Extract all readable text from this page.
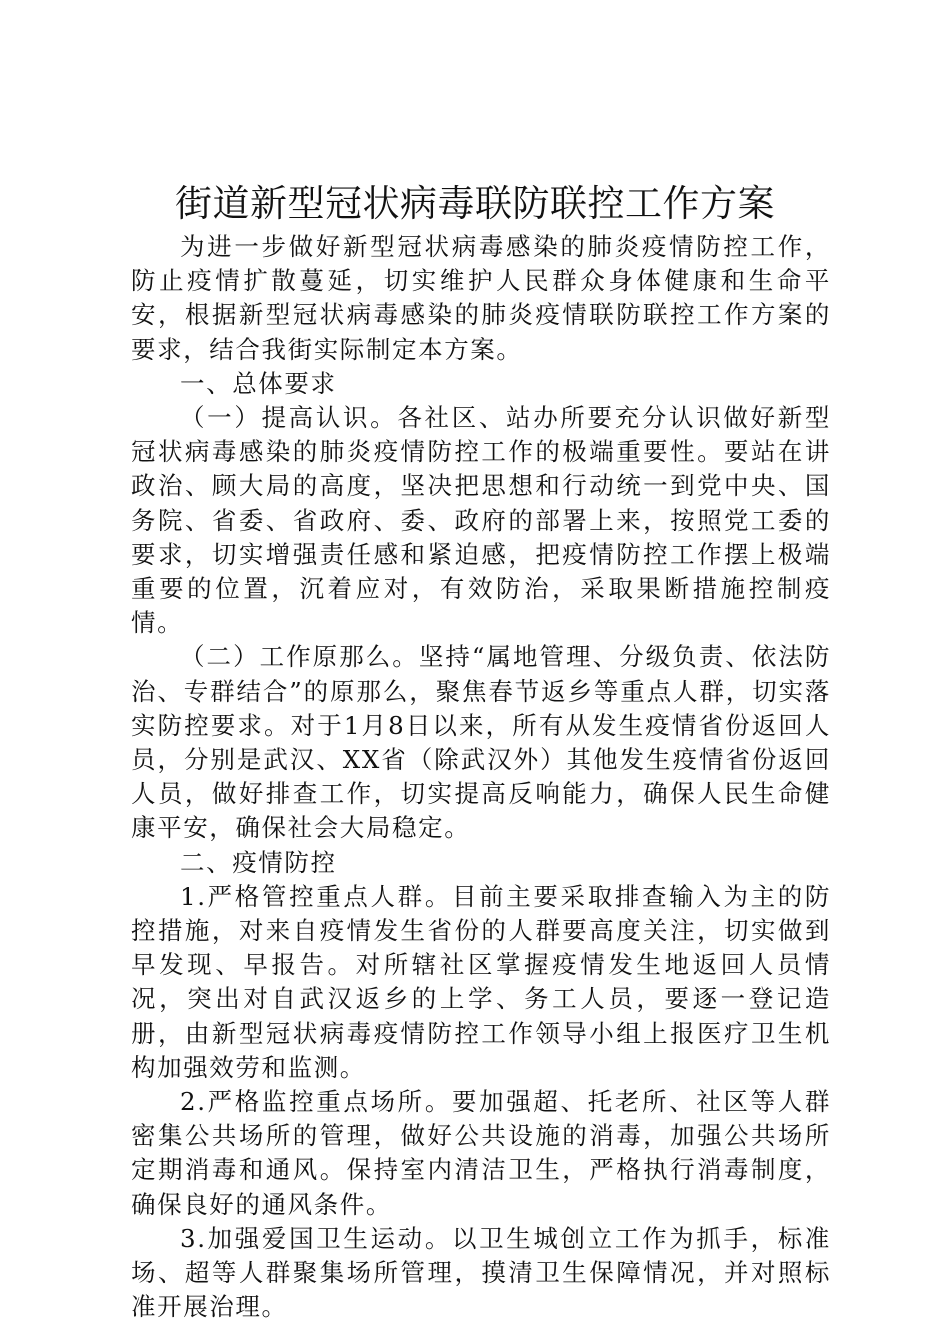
街道新型冠状病毒联防联控工作方案

为进一步做好新型冠状病毒感染的肺炎疫情防控工作，防止疫情扩散蔓延，切实维护人民群众身体健康和生命平安，根据新型冠状病毒感染的肺炎疫情联防联控工作方案的要求，结合我街实际制定本方案。

一、总体要求

（一）提高认识。各社区、站办所要充分认识做好新型冠状病毒感染的肺炎疫情防控工作的极端重要性。要站在讲政治、顾大局的高度，坚决把思想和行动统一到党中央、国务院、省委、省政府、委、政府的部署上来，按照党工委的要求，切实增强责任感和紧迫感，把疫情防控工作摆上极端重要的位置，沉着应对，有效防治，采取果断措施控制疫情。

（二）工作原那么。坚持“属地管理、分级负责、依法防治、专群结合”的原那么，聚焦春节返乡等重点人群，切实落实防控要求。对于1月8日以来，所有从发生疫情省份返回人员，分别是武汉、XX省（除武汉外）其他发生疫情省份返回人员，做好排查工作，切实提高反响能力，确保人民生命健康平安，确保社会大局稳定。

二、疫情防控

1.严格管控重点人群。目前主要采取排查输入为主的防控措施，对来自疫情发生省份的人群要高度关注，切实做到早发现、早报告。对所辖社区掌握疫情发生地返回人员情况，突出对自武汉返乡的上学、务工人员，要逐一登记造册，由新型冠状病毒疫情防控工作领导小组上报医疗卫生机构加强效劳和监测。

2.严格监控重点场所。要加强超、托老所、社区等人群密集公共场所的管理，做好公共设施的消毒，加强公共场所定期消毒和通风。保持室内清洁卫生，严格执行消毒制度，确保良好的通风条件。

3.加强爱国卫生运动。以卫生城创立工作为抓手，标准场、超等人群聚集场所管理，摸清卫生保障情况，并对照标准开展治理。
